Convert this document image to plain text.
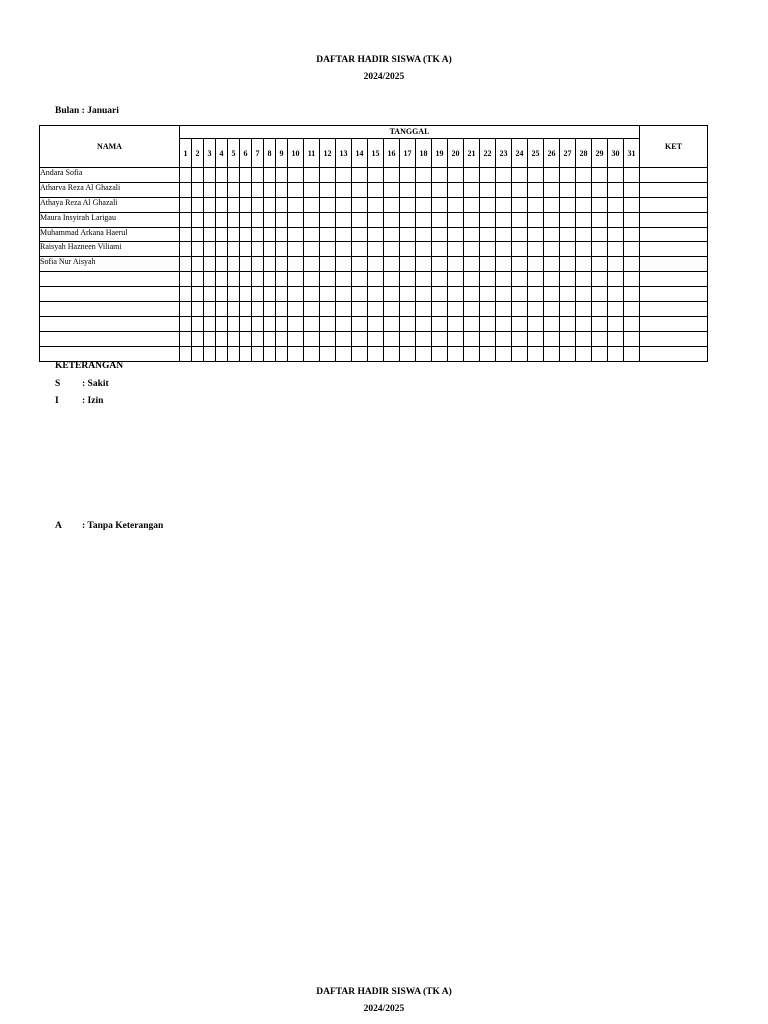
DAFTAR HADIR SISWA (TK A)
2024/2025
Bulan : Januari
NAMA	TANGGAL																															KET
	1	2	3	4	5	6	7	8	9	10	11	12	13	14	15	16	17	18	19	20	21	22	23	24	25	26	27	28	29	30	31	
Andara Sofia																																
Atharva Reza Al Ghazali																																
Athaya Reza Al Ghazali																																
Maura Insyirah Larigau																																
Muhammad Arkana Haerul																																
Raisyah Hazneen Viliami																																
Sofia Nur Aisyah																																

KETERANGAN
S : Sakit
I : Izin
A : Tanpa Keterangan
DAFTAR HADIR SISWA (TK A)
2024/2025
